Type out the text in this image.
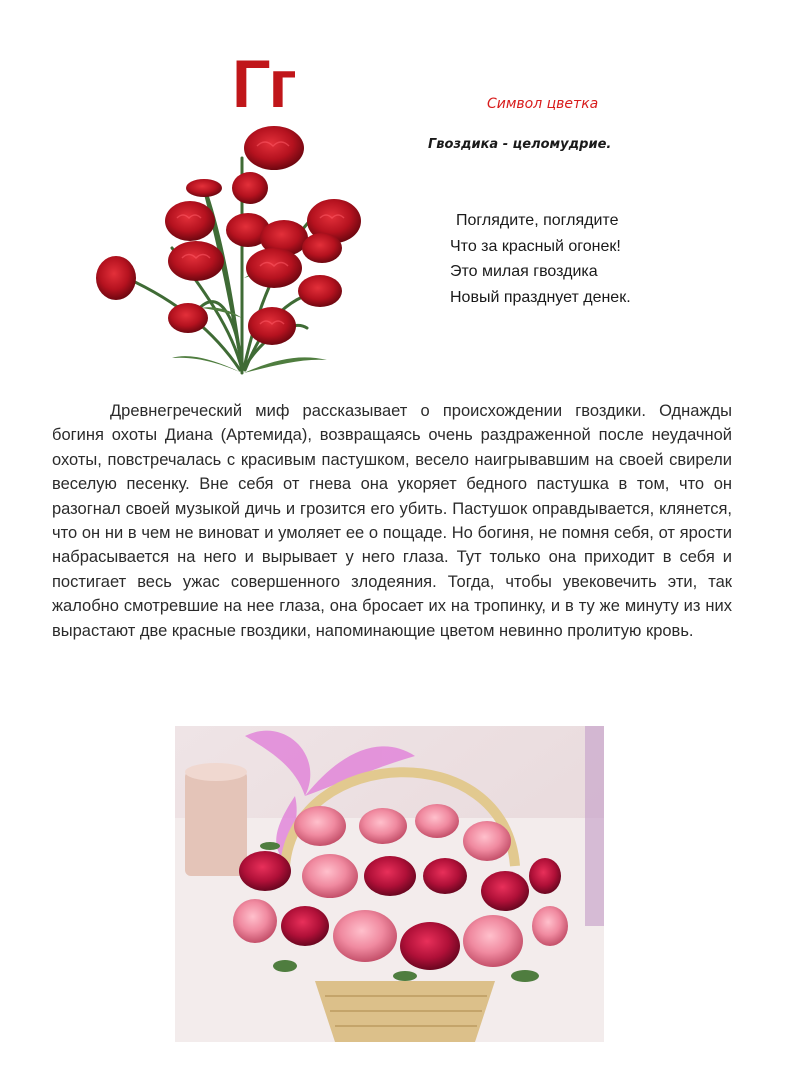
Гг	Символ цветка
Гвоздика - целомудрие.
Поглядите, поглядите
Что за красный огонек!
Это милая гвоздика
Новый празднует денек.

Древнегреческий миф рассказывает о происхождении гвоздики. Однажды богиня охоты Диана (Артемида), возвращаясь очень раздраженной после неудачной охоты, повстречалась с красивым пастушком, весело наигрывавшим на своей свирели веселую песенку. Вне себя от гнева она укоряет бедного пастушка в том, что он разогнал своей музыкой дичь и грозится его убить. Пастушок оправдывается, клянется, что он ни в чем не виноват и умоляет ее о пощаде. Но богиня, не помня себя, от ярости набрасывается на него и вырывает у него глаза. Тут только она приходит в себя и постигает весь ужас совершенного злодеяния. Тогда, чтобы увековечить эти, так жалобно смотревшие на нее глаза, она бросает их на тропинку, и в ту же минуту из них вырастают две красные гвоздики, напоминающие цветом невинно пролитую кровь.
